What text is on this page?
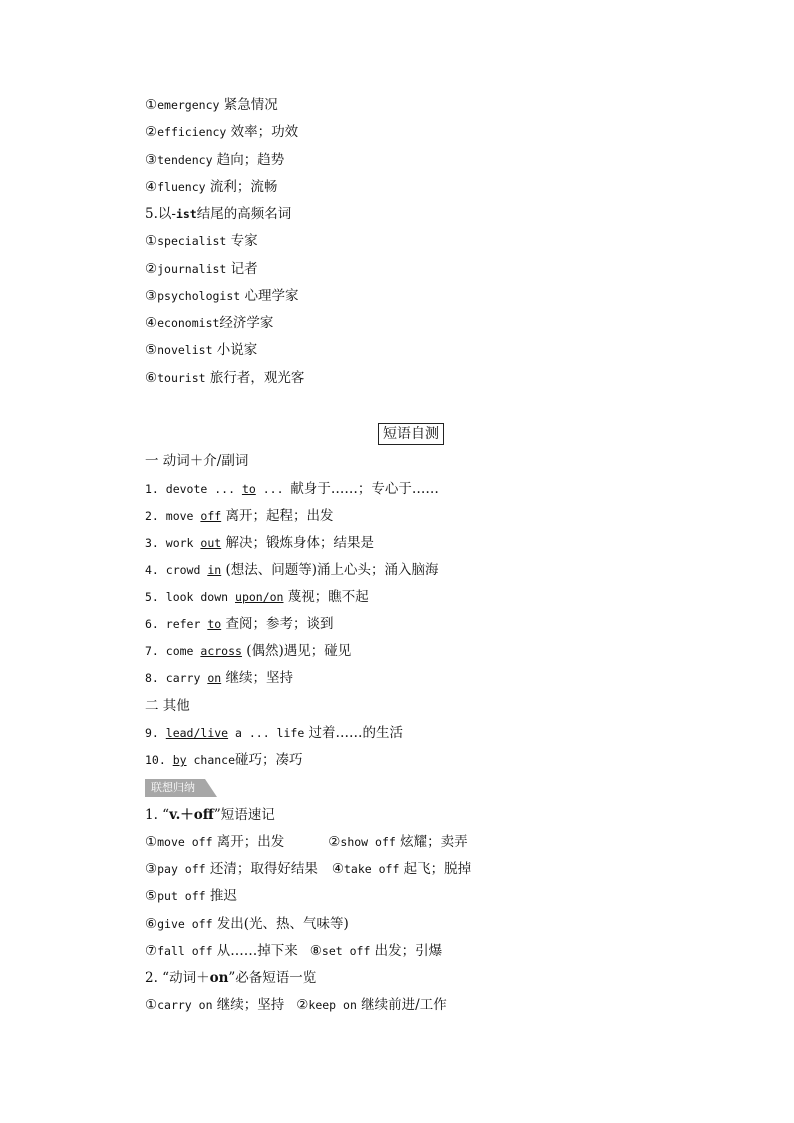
①emergency 紧急情况
②efficiency 效率；功效
③tendency 趋向；趋势
④fluency 流利；流畅
5.以-ist结尾的高频名词
①specialist 专家
②journalist 记者
③psychologist 心理学家
④economist经济学家
⑤novelist 小说家
⑥tourist 旅行者，观光客
短语自测
一 动词＋介/副词
1. devote ... to ... 献身于……；专心于……
2. move off 离开；起程；出发
3. work out 解决；锻炼身体；结果是
4. crowd in (想法、问题等)涌上心头；涌入脑海
5. look down upon/on 蔑视；瞧不起
6. refer to 查阅；参考；谈到
7. come across (偶然)遇见；碰见
8. carry on 继续；坚持
二 其他
9. lead/live a ... life 过着……的生活
10. by chance碰巧；凑巧
联想归纳
1. “v.＋off”短语速记
①move off 离开；出发	②show off 炫耀；卖弄
③pay off 还清；取得好结果 ④take off 起飞；脱掉
⑤put off 推迟
⑥give off 发出(光、热、气味等)
⑦fall off 从……掉下来 ⑧set off 出发；引爆
2. “动词＋on”必备短语一览
①carry on 继续；坚持 ②keep on 继续前进/工作
